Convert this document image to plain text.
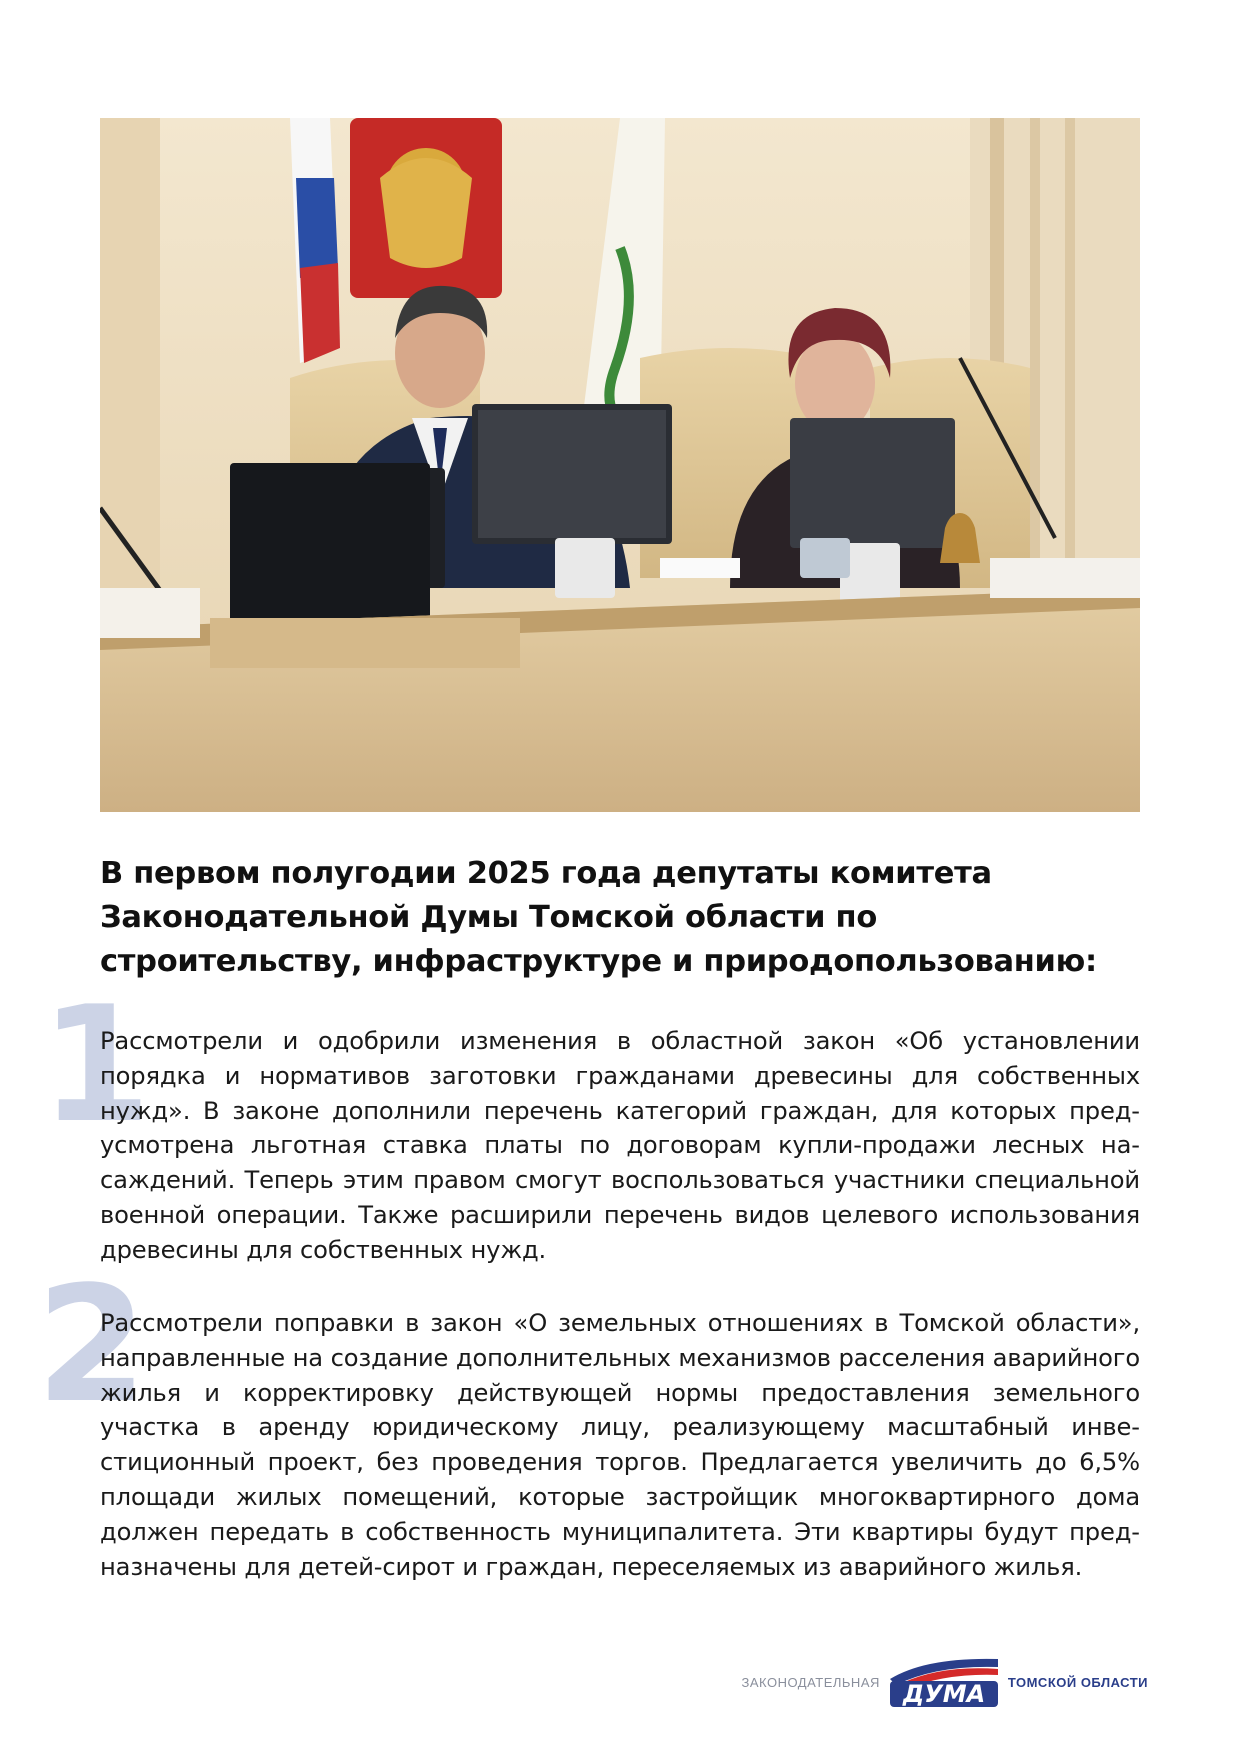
В первом полугодии 2025 года депутаты комитета Законодательной Думы Томской области по строительству, инфраструктуре и природопользованию:
1

Рассмотрели и одобрили изменения в областной закон «Об установлении порядка и нормативов заготовки гражданами древесины для собственных нужд». В законе дополнили перечень категорий граждан, для которых предусмотрена льготная ставка платы по договорам купли-продажи лесных насаждений. Теперь этим правом смогут воспользоваться участники специальной военной операции. Также расширили перечень видов целевого использования древесины для собственных нужд.

2

Рассмотрели поправки в закон «О земельных отношениях в Томской области», направленные на создание дополнительных механизмов расселения аварийного жилья и корректировку действующей нормы предоставления земельного участка в аренду юридическому лицу, реализующему масштабный инвестиционный проект, без проведения торгов. Предлагается увеличить до 6,5% площади жилых помещений, которые застройщик многоквартирного дома должен передать в собственность муниципалитета. Эти квартиры будут предназначены для детей-сирот и граждан, переселяемых из аварийного жилья.

ЗАКОНОДАТЕЛЬНАЯ ДУМА ТОМСКОЙ ОБЛАСТИ
